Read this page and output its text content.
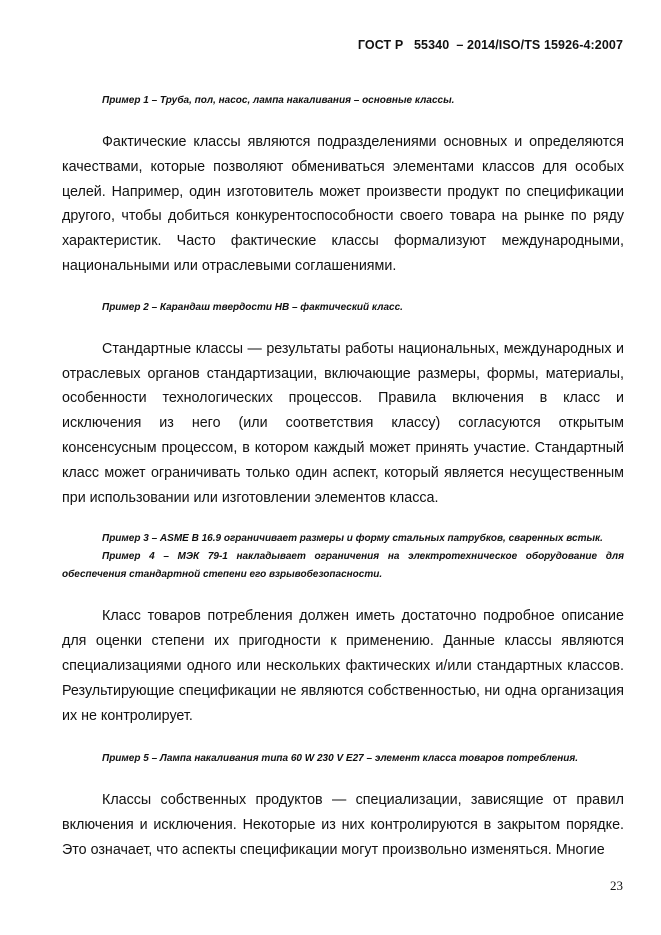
ГОСТ Р   55340  – 2014/ISO/TS 15926-4:2007

Пример 1 – Труба, пол, насос, лампа накаливания – основные классы.

Фактические классы являются подразделениями основных и определяются качествами, которые позволяют обмениваться элементами классов для особых целей. Например, один изготовитель может произвести продукт по спецификации другого, чтобы добиться конкурентоспособности своего товара на рынке по ряду характеристик. Часто фактические классы формализуют международными, национальными или отраслевыми соглашениями.

Пример 2 – Карандаш твердости HB – фактический класс.

Стандартные классы — результаты работы национальных, международных и отраслевых органов стандартизации, включающие размеры, формы, материалы, особенности технологических процессов. Правила включения в класс и исключения из него (или соответствия классу) согласуются открытым консенсусным процессом, в котором каждый может принять участие. Стандартный класс может ограничивать только один аспект, который является несущественным при использовании или изготовлении элементов класса.

Пример 3 – ASME B 16.9 ограничивает размеры и форму стальных патрубков, сваренных встык.

Пример 4 – МЭК 79-1 накладывает ограничения на электротехническое оборудование для обеспечения стандартной степени его взрывобезопасности.

Класс товаров потребления должен иметь достаточно подробное описание для оценки степени их пригодности к применению. Данные классы являются специализациями одного или нескольких фактических и/или стандартных классов. Результирующие спецификации не являются собственностью, ни одна организация их не контролирует.

Пример 5 – Лампа накаливания типа 60 W 230 V E27 – элемент класса товаров потребления.

Классы собственных продуктов — специализации, зависящие от правил включения и исключения. Некоторые из них контролируются в закрытом порядке. Это означает, что аспекты спецификации могут произвольно изменяться. Многие

23
